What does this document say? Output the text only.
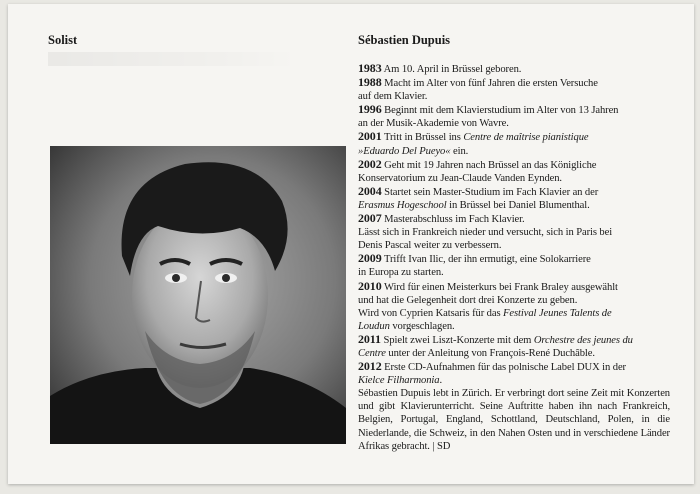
Solist	Sébastien Dupuis

1983 Am 10. April in Brüssel geboren.

1988 Macht im Alter von fünf Jahren die ersten Versuche

auf dem Klavier.

1996 Beginnt mit dem Klavierstudium im Alter von 13 Jahren

an der Musik-Akademie von Wavre.

2001 Tritt in Brüssel ins Centre de maîtrise pianistique

»Eduardo Del Pueyo« ein.

2002 Geht mit 19 Jahren nach Brüssel an das Königliche

Konservatorium zu Jean-Claude Vanden Eynden.

2004 Startet sein Master-Studium im Fach Klavier an der

Erasmus Hogeschool in Brüssel bei Daniel Blumenthal.

2007 Masterabschluss im Fach Klavier.

Lässt sich in Frankreich nieder und versucht, sich in Paris bei

Denis Pascal weiter zu verbessern.

2009 Trifft Ivan Ilic, der ihn ermutigt, eine Solokarriere

in Europa zu starten.

2010 Wird für einen Meisterkurs bei Frank Braley ausgewählt

und hat die Gelegenheit dort drei Konzerte zu geben.

Wird von Cyprien Katsaris für das Festival Jeunes Talents de

Loudun vorgeschlagen.

2011 Spielt zwei Liszt-Konzerte mit dem Orchestre des jeunes du

Centre unter der Anleitung von François-René Duchâble.

2012 Erste CD-Aufnahmen für das polnische Label DUX in der

Kielce Filharmonia.

Sébastien Dupuis lebt in Zürich. Er verbringt dort seine Zeit mit Konzerten und gibt Klavierunterricht. Seine Auftritte haben ihn nach Frankreich, Belgien, Portugal, England, Schottland, Deutschland, Polen, in die Niederlande, die Schweiz, in den Nahen Osten und in verschiedene Länder Afrikas gebracht. | SD
